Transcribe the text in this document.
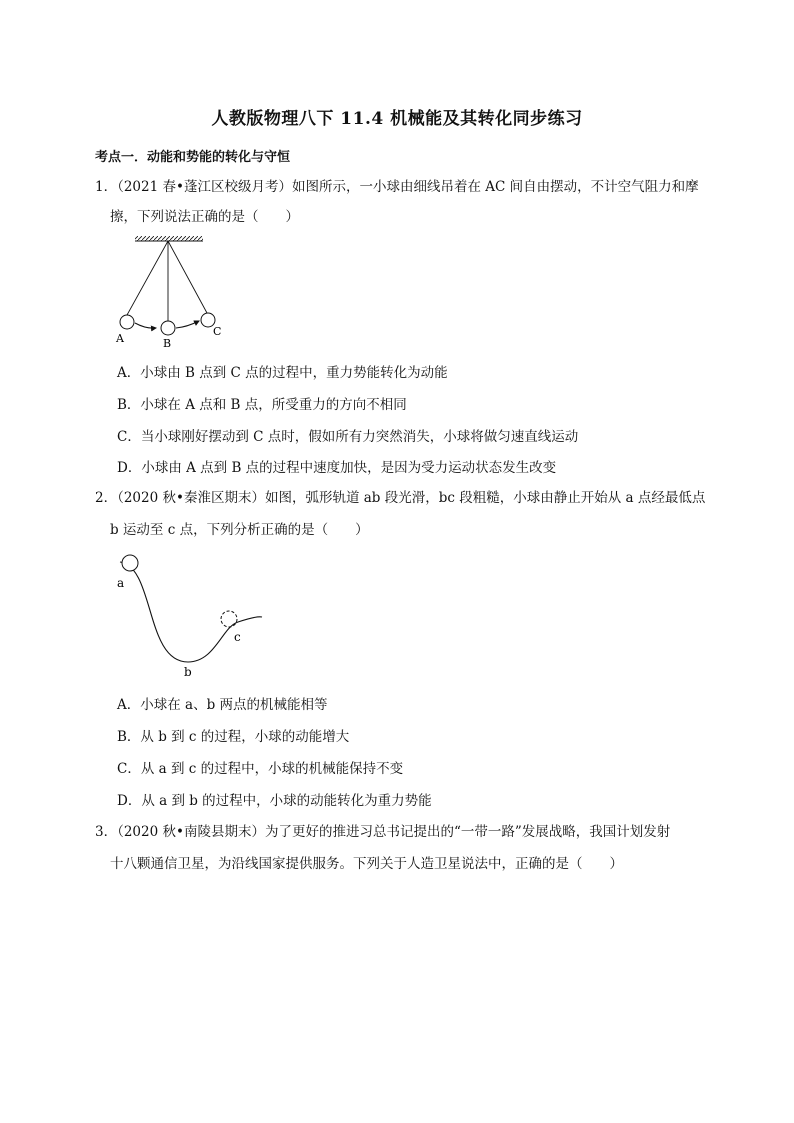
人教版物理八下 11.4 机械能及其转化同步练习
考点一．动能和势能的转化与守恒
1．（2021 春•蓬江区校级月考）如图所示，一小球由细线吊着在 AC 间自由摆动，不计空气阻力和摩
擦，下列说法正确的是（　　）
A	B
C
A．小球由 B 点到 C 点的过程中，重力势能转化为动能
B．小球在 A 点和 B 点，所受重力的方向不相同
C．当小球刚好摆动到 C 点时，假如所有力突然消失，小球将做匀速直线运动
D．小球由 A 点到 B 点的过程中速度加快，是因为受力运动状态发生改变
2．（2020 秋•秦淮区期末）如图，弧形轨道 ab 段光滑，bc 段粗糙，小球由静止开始从 a 点经最低点
b 运动至 c 点，下列分析正确的是（　　）
a
b
c
A．小球在 a、b 两点的机械能相等
B．从 b 到 c 的过程，小球的动能增大
C．从 a 到 c 的过程中，小球的机械能保持不变
D．从 a 到 b 的过程中，小球的动能转化为重力势能
3．（2020 秋•南陵县期末）为了更好的推进习总书记提出的“一带一路”发展战略，我国计划发射
十八颗通信卫星，为沿线国家提供服务。下列关于人造卫星说法中，正确的是（　　）
